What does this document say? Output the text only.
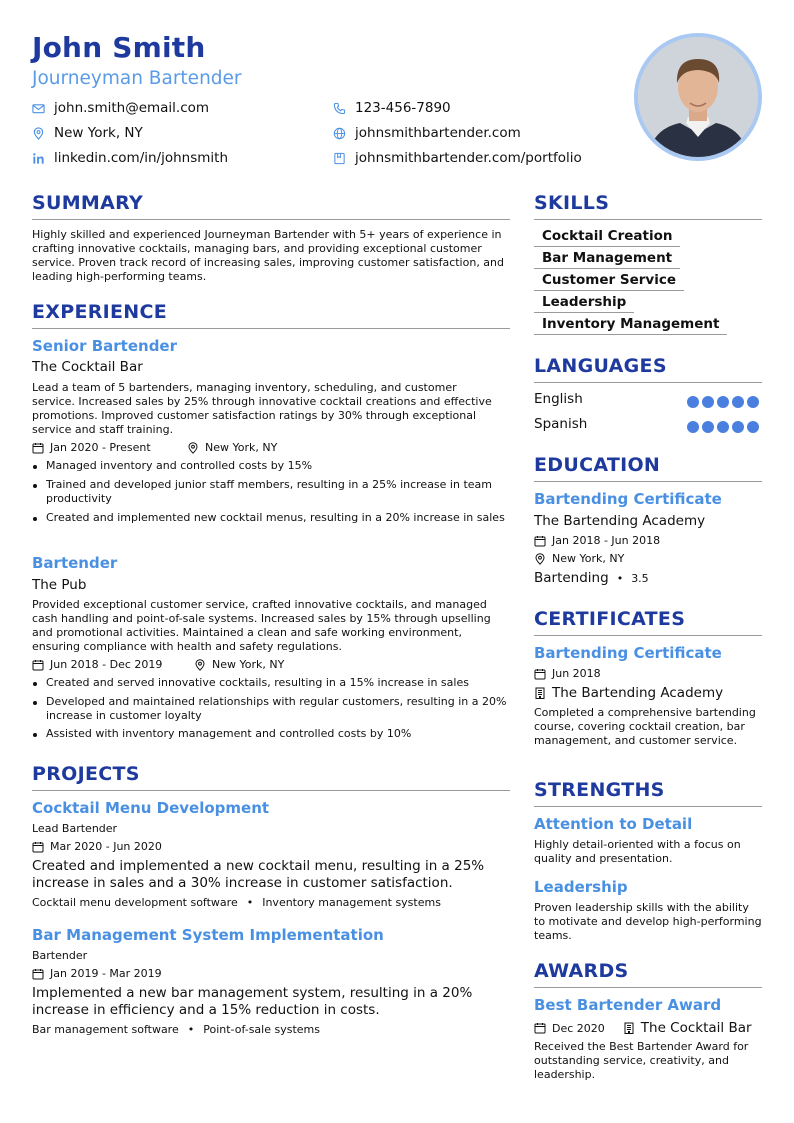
John Smith
Journeyman Bartender
john.smith@email.com	123-456-7890
New York, NY	johnsmithbartender.com
linkedin.com/in/johnsmith	johnsmithbartender.com/portfolio
SUMMARY
Highly skilled and experienced Journeyman Bartender with 5+ years of experience in crafting innovative cocktails, managing bars, and providing exceptional customer service. Proven track record of increasing sales, improving customer satisfaction, and leading high-performing teams.
EXPERIENCE
Senior Bartender
The Cocktail Bar
Lead a team of 5 bartenders, managing inventory, scheduling, and customer service. Increased sales by 25% through innovative cocktail creations and effective promotions. Improved customer satisfaction ratings by 30% through exceptional service and staff training.
Jan 2020 - Present	New York, NY
Managed inventory and controlled costs by 15%
Trained and developed junior staff members, resulting in a 25% increase in team productivity
Created and implemented new cocktail menus, resulting in a 20% increase in sales
Bartender
The Pub
Provided exceptional customer service, crafted innovative cocktails, and managed cash handling and point-of-sale systems. Increased sales by 15% through upselling and promotional activities. Maintained a clean and safe working environment, ensuring compliance with health and safety regulations.
Jun 2018 - Dec 2019	New York, NY
Created and served innovative cocktails, resulting in a 15% increase in sales
Developed and maintained relationships with regular customers, resulting in a 20% increase in customer loyalty
Assisted with inventory management and controlled costs by 10%
PROJECTS
Cocktail Menu Development
Lead Bartender
Mar 2020 - Jun 2020
Created and implemented a new cocktail menu, resulting in a 25% increase in sales and a 30% increase in customer satisfaction.
Cocktail menu development software • Inventory management systems
Bar Management System Implementation
Bartender
Jan 2019 - Mar 2019
Implemented a new bar management system, resulting in a 20% increase in efficiency and a 15% reduction in costs.
Bar management software • Point-of-sale systems
SKILLS
Cocktail Creation
Bar Management
Customer Service
Leadership
Inventory Management
LANGUAGES
English
Spanish
EDUCATION
Bartending Certificate
The Bartending Academy
Jan 2018 - Jun 2018
New York, NY
Bartending • 3.5
CERTIFICATES
Bartending Certificate
Jun 2018
The Bartending Academy
Completed a comprehensive bartending course, covering cocktail creation, bar management, and customer service.
STRENGTHS
Attention to Detail
Highly detail-oriented with a focus on quality and presentation.
Leadership
Proven leadership skills with the ability to motivate and develop high-performing teams.
AWARDS
Best Bartender Award
Dec 2020	The Cocktail Bar
Received the Best Bartender Award for outstanding service, creativity, and leadership.
